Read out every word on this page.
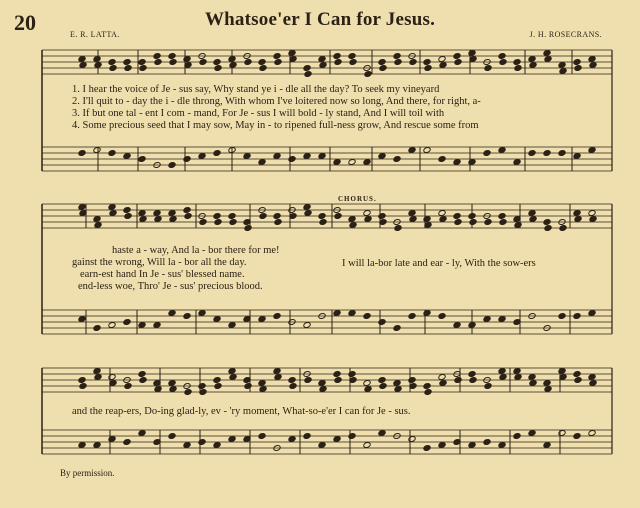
20	Whatsoe'er I Can for Jesus.
E. R. LATTA.	J. H. ROSECRANS.
1. I hear the voice of Je - sus say, Why stand ye i - dle all the day? To seek my vineyard
2. I'll quit to - day the i - dle throng, With whom I've loitered now so long, And there, for right, a-
3. If but one tal - ent I com - mand, For Je - sus I will bold - ly stand, And I will toil with
4. Some precious seed that I may sow, May in - to ripened full-ness grow, And rescue some from
CHORUS.
haste a - way, And la - bor there for me!
gainst the wrong, Will la - bor all the day.
earn-est hand In Je - sus' blessed name.
end-less woe, Thro' Je - sus' precious blood.
I will la-bor late and ear - ly, With the sow-ers
and the reap-ers, Do-ing glad-ly, ev - 'ry moment, What-so-e'er I can for Je - sus.
By permission.
